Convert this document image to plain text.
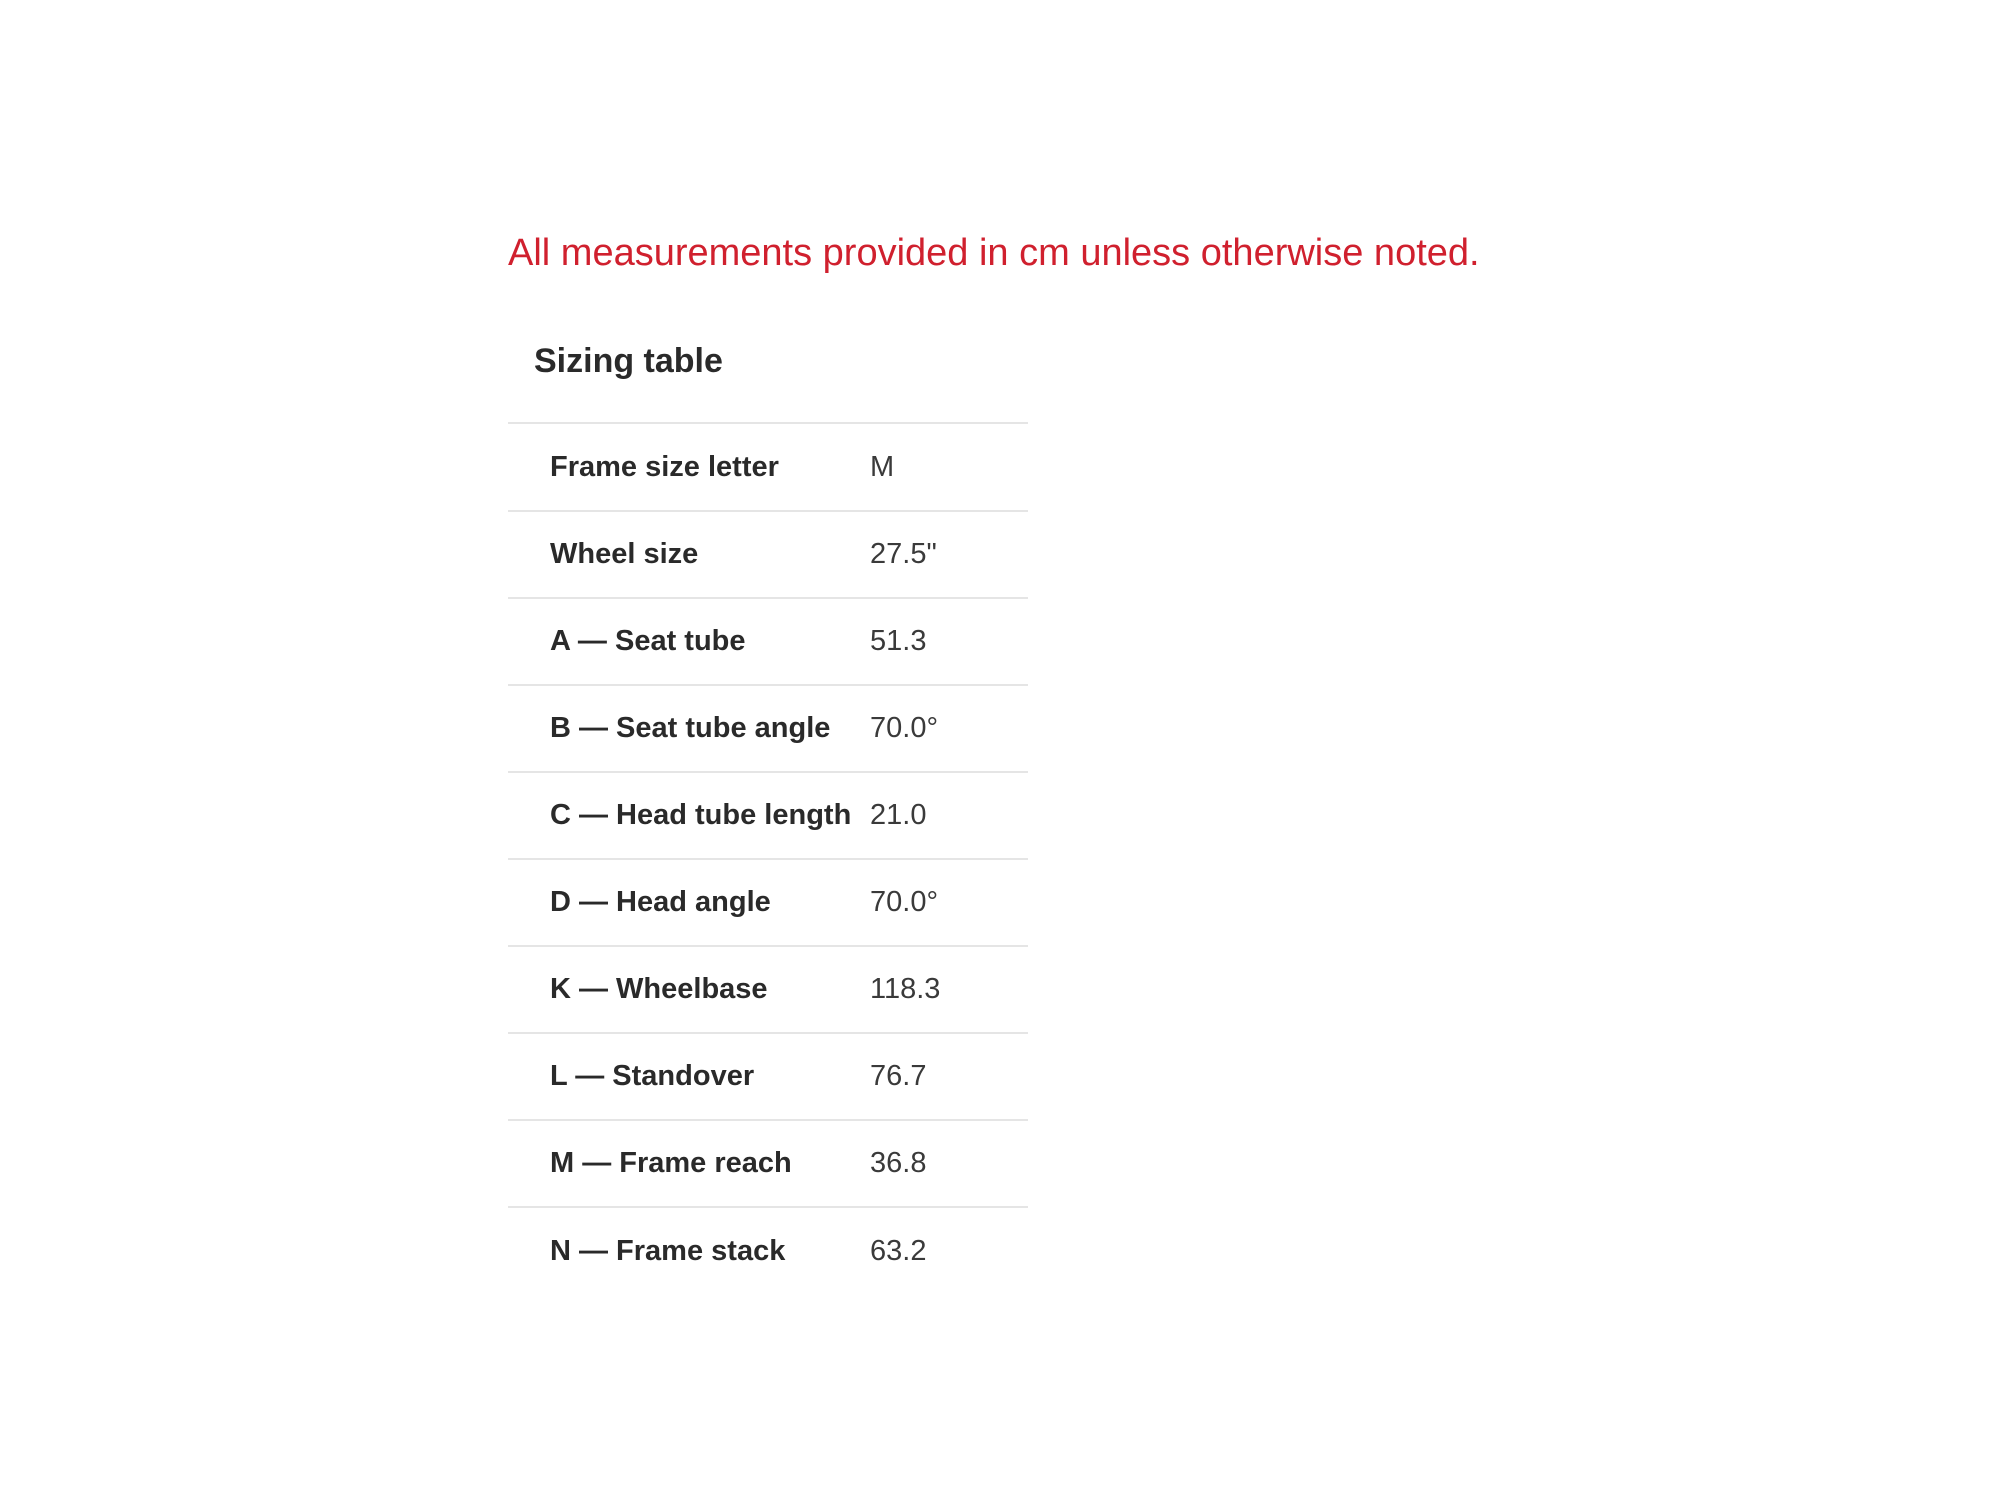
All measurements provided in cm unless otherwise noted.

Sizing table
Frame size letter	M
Wheel size	27.5"
A — Seat tube	51.3
B — Seat tube angle	70.0°
C — Head tube length	21.0
D — Head angle	70.0°
K — Wheelbase	118.3
L — Standover	76.7
M — Frame reach	36.8
N — Frame stack	63.2
